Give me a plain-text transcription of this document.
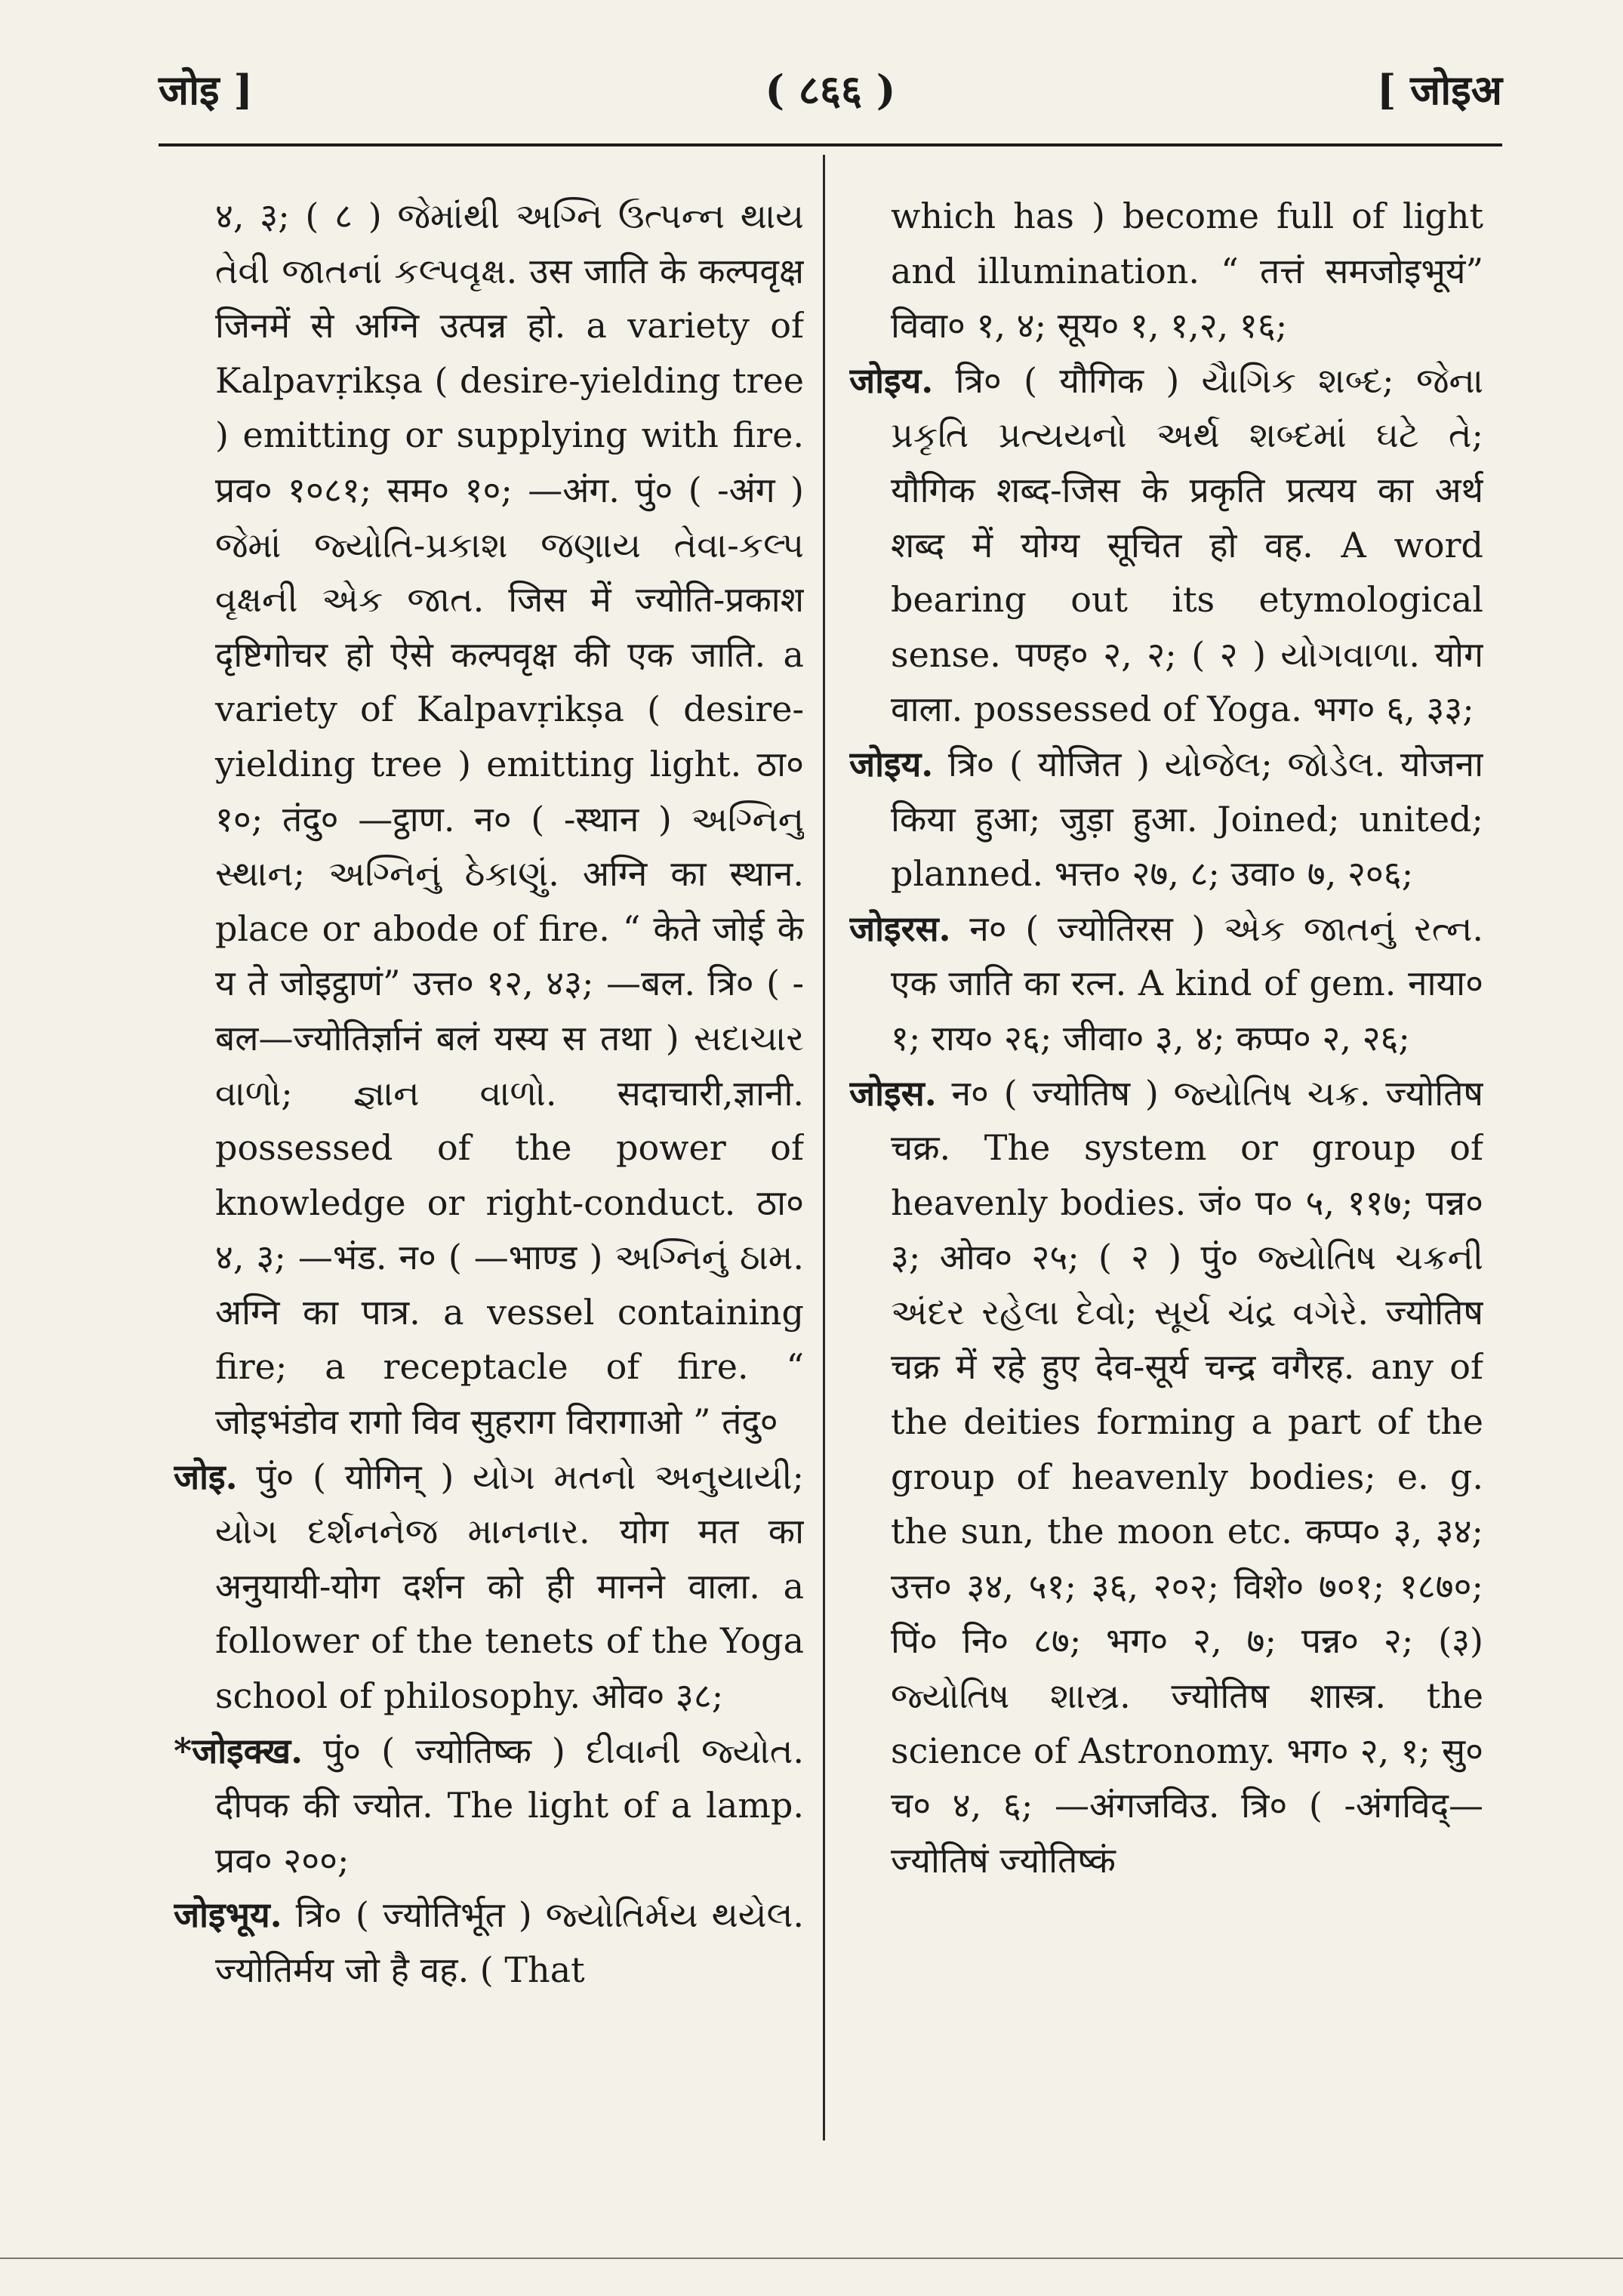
जोइ ]	( ८६६ )	[ जोइअ

४, ३; ( ८ ) જેમાંથી અગ્નિ ઉત્પન્ન થાય તેવી જાતનાં કલ્પવૃક્ષ. उस जाति के कल्पवृक्ष जिनमें से अग्नि उत्पन्न हो. a variety of Kalpavṛikṣa ( desire-yielding tree ) emitting or supplying with fire. प्रव० १०८१; सम० १०; —अंग. पुं० ( -अंग ) જેમાં જ્યોતિ-પ્રકાશ જણાય તેવા-કલ્પ વૃક્ષની એક જાત. जिस में ज्योति-प्रकाश दृष्टिगोचर हो ऐसे कल्पवृक्ष की एक जाति. a variety of Kalpavṛikṣa ( desire-yielding tree ) emitting light. ठा० १०; तंदु० —ट्ठाण. न० ( -स्थान ) અગ્નિનુ સ્થાન; અગ્નિનું ઠેકાણું. अग्नि का स्थान. place or abode of fire. “ केते जोई के य ते जोइट्ठाणं” उत्त० १२, ४३; —बल. त्रि० ( -बल—ज्योतिर्ज्ञानं बलं यस्य स तथा ) સદાચાર વાળો; જ્ઞાન વાળો. सदाचारी,ज्ञानी. possessed of the power of knowledge or right-conduct. ठा० ४, ३; —भंड. न० ( —भाण्ड ) અગ્નિનું ઠામ. अग्नि का पात्र. a vessel containing fire; a receptacle of fire. “ जोइभंडोव रागो विव सुहराग विरागाओ ” तंदु०

जोइ. पुं० ( योगिन् ) યોગ મતનો અનુયાયી; યોગ દર્શનનેજ માનનાર. योग मत का अनुयायी-योग दर्शन को ही मानने वाला. a follower of the tenets of the Yoga school of philosophy. ओव० ३८;

*जोइक्ख. पुं० ( ज्योतिष्क ) દીવાની જ્યોત. दीपक की ज्योत. The light of a lamp. प्रव० २००;

जोइभूय. त्रि० ( ज्योतिर्भूत ) જ્યોતિર્મય થયેલ. ज्योतिर्मय जो है वह. ( That

which has ) become full of light and illumination. “ तत्तं समजोइभूयं” विवा० १, ४; सूय० १, १,२, १६;

जोइय. त्रि० ( यौगिक ) યૈાગિક શબ્દ; જેના પ્રકૃતિ પ્રત્યયનો અર્થ શબ્દમાં ઘટે તે; यौगिक शब्द-जिस के प्रकृति प्रत्यय का अर्थ शब्द में योग्य सूचित हो वह. A word bearing out its etymological sense. पण्ह० २, २; ( २ ) યોગવાળા. योग वाला. possessed of Yoga. भग० ६, ३३;

जोइय. त्रि० ( योजित ) યોજેલ; જોડેલ. योजना किया हुआ; जुड़ा हुआ. Joined; united; planned. भत्त० २७, ८; उवा० ७, २०६;

जोइरस. न० ( ज्योतिरस ) એક જાતનું રત્ન. एक जाति का रत्न. A kind of gem. नाया० १; राय० २६; जीवा० ३, ४; कप्प० २, २६;

जोइस. न० ( ज्योतिष ) જ્યોતિષ ચક્ર. ज्योतिष चक्र. The system or group of heavenly bodies. जं० प० ५, ११७; पन्न० ३; ओव० २५; ( २ ) पुं० જ્યોતિષ ચક્રની અંદર રહેલા દેવો; સૂર્ય ચંદ્ર વગેરે. ज्योतिष चक्र में रहे हुए देव-सूर्य चन्द्र वगैरह. any of the deities forming a part of the group of heavenly bodies; e. g. the sun, the moon etc. कप्प० ३, ३४; उत्त० ३४, ५१; ३६, २०२; विशे० ७०१; १८७०; पिं० नि० ८७; भग० २, ७; पन्न० २; (३) જ્યોતિષ શાસ્ત્ર. ज्योतिष शास्त्र. the science of Astronomy. भग० २, १; सु० च० ४, ६; —अंगजविउ. त्रि० ( -अंगविद्—ज्योतिषं ज्योतिष्कं
